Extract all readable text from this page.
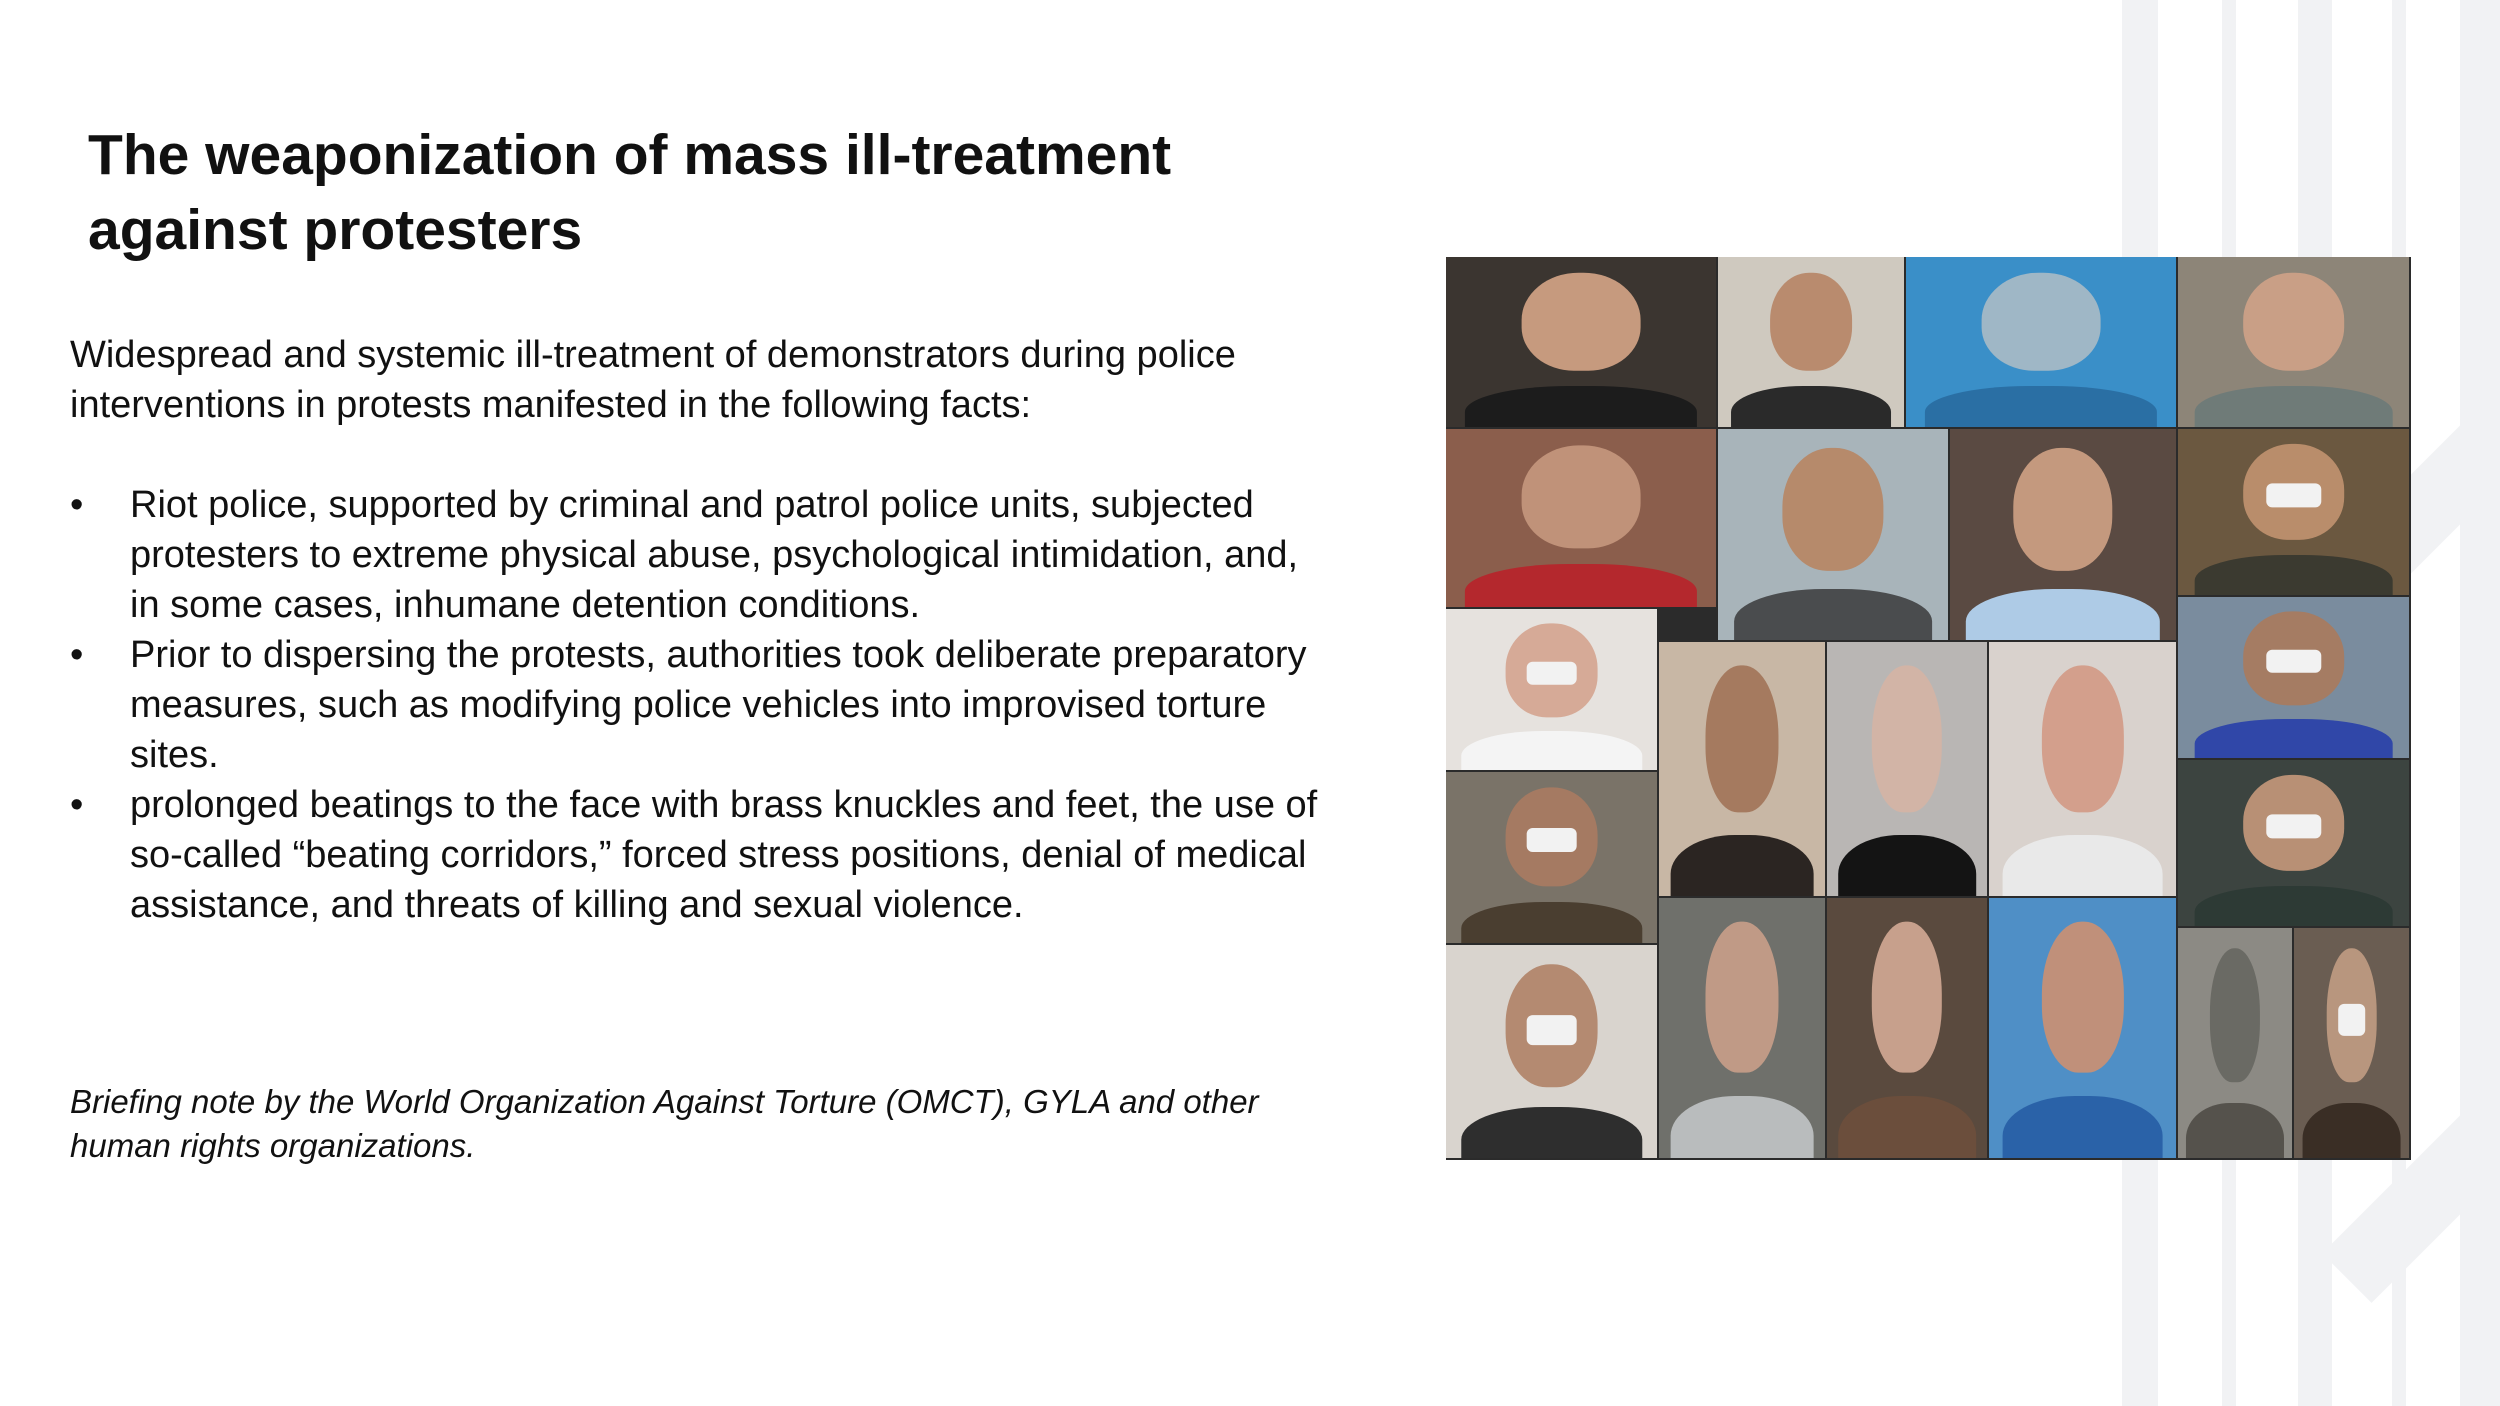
The weaponization of mass ill-treatment
against protesters

Widespread and systemic ill-treatment of demonstrators during police
interventions in protests manifested in the following facts:

•	Riot police, supported by criminal and patrol police units, subjected
protesters to extreme physical abuse, psychological intimidation, and,
in some cases, inhumane detention conditions.
•	Prior to dispersing the protests, authorities took deliberate preparatory
measures, such as modifying police vehicles into improvised torture
sites.
•	prolonged beatings to the face with brass knuckles and feet, the use of
so-called “beating corridors,” forced stress positions, denial of medical
assistance, and threats of killing and sexual violence.

Briefing note by the World Organization Against Torture (OMCT), GYLA and other
human rights organizations.
